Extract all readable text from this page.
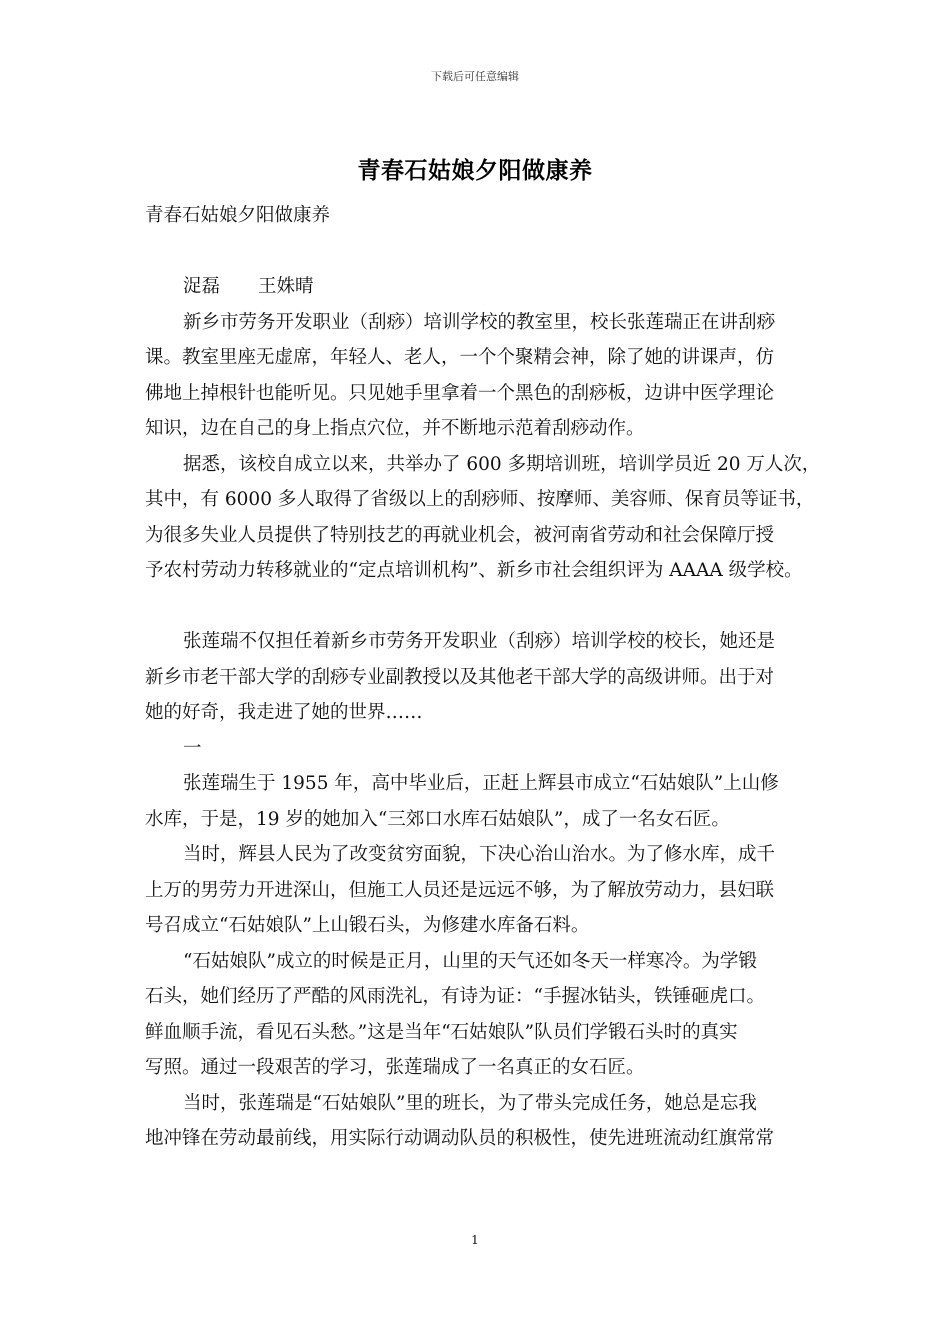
下载后可任意编辑
青春石姑娘夕阳做康养
青春石姑娘夕阳做康养
浞磊 王姝晴
新乡市劳务开发职业（刮痧）培训学校的教室里，校长张莲瑞正在讲刮痧
课。教室里座无虚席，年轻人、老人，一个个聚精会神，除了她的讲课声，仿
佛地上掉根针也能听见。只见她手里拿着一个黑色的刮痧板，边讲中医学理论
知识，边在自己的身上指点穴位，并不断地示范着刮痧动作。
据悉，该校自成立以来，共举办了 600 多期培训班，培训学员近 20 万人次，
其中，有 6000 多人取得了省级以上的刮痧师、按摩师、美容师、保育员等证书，
为很多失业人员提供了特别技艺的再就业机会，被河南省劳动和社会保障厅授
予农村劳动力转移就业的“定点培训机构”、新乡市社会组织评为 AAAA 级学校。
张莲瑞不仅担任着新乡市劳务开发职业（刮痧）培训学校的校长，她还是
新乡市老干部大学的刮痧专业副教授以及其他老干部大学的高级讲师。出于对
她的好奇，我走进了她的世界……
一
张莲瑞生于 1955 年，高中毕业后，正赶上辉县市成立“石姑娘队”上山修
水库，于是，19 岁的她加入“三郊口水库石姑娘队”，成了一名女石匠。
当时，辉县人民为了改变贫穷面貌，下决心治山治水。为了修水库，成千
上万的男劳力开进深山，但施工人员还是远远不够，为了解放劳动力，县妇联
号召成立“石姑娘队”上山锻石头，为修建水库备石料。
“石姑娘队”成立的时候是正月，山里的天气还如冬天一样寒冷。为学锻
石头，她们经历了严酷的风雨洗礼，有诗为证：“手握冰钻头，铁锤砸虎口。
鲜血顺手流，看见石头愁。”这是当年“石姑娘队”队员们学锻石头时的真实
写照。通过一段艰苦的学习，张莲瑞成了一名真正的女石匠。
当时，张莲瑞是“石姑娘队”里的班长，为了带头完成任务，她总是忘我
地冲锋在劳动最前线，用实际行动调动队员的积极性，使先进班流动红旗常常
1
